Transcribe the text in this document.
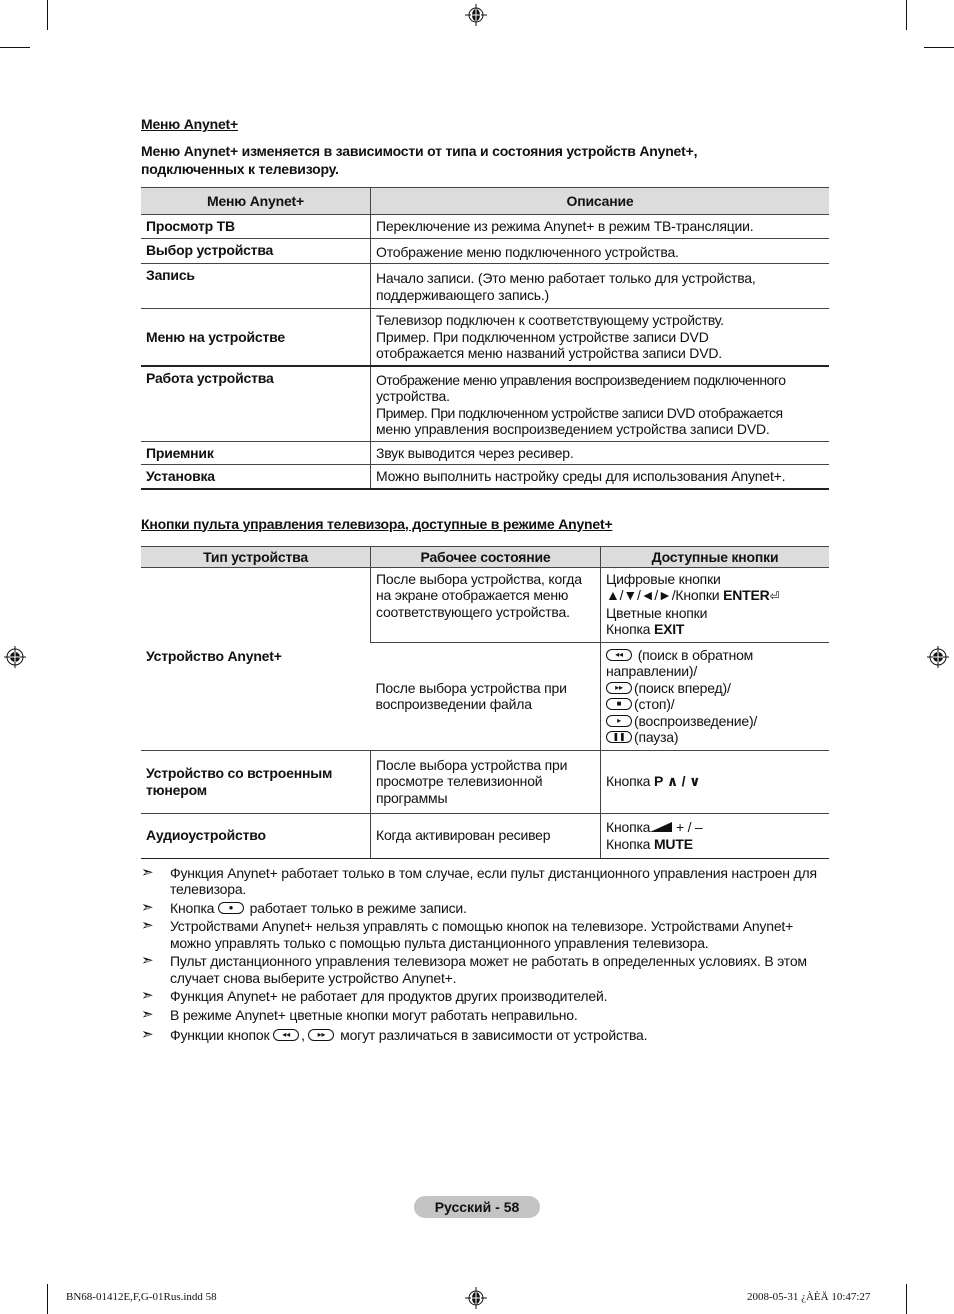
Меню Anynet+
Меню Anynet+ изменяется в зависимости от типа и состояния устройств Anynet+,
подключенных к телевизору.
Меню Anynet+	Описание
Просмотр ТВ	Переключение из режима Anynet+ в режим ТВ-трансляции.
Выбор устройства	Отображение меню подключенного устройства.
Запись	Начало записи. (Это меню работает только для устройства,
поддерживающего запись.)

Меню на устройстве	Телевизор подключен к соответствующему устройству.
Пример. При подключенном устройстве записи DVD
отображается меню названий устройства записи DVD.

Работа устройства	Отображение меню управления воспроизведением подключенного
устройства.
Пример. При подключенном устройстве записи DVD отображается
меню управления воспроизведением устройства записи DVD.

Приемник	Звук выводится через ресивер.
Установка	Можно выполнить настройку среды для использования Anynet+.
Кнопки пульта управления телевизора, доступные в режиме Anynet+
Тип устройства	Рабочее состояние	Доступные кнопки
Устройство Anynet+	После выбора устройства, когда на экране отображается меню соответствующего устройства.	Цифровые кнопки
▲/▼/◄/►/Кнопки ENTER⏎
Цветные кнопки
Кнопка EXIT

После выбора устройства при воспроизведении файла	
◂◂ (поиск в обратном направлении)/
▸▸ (поиск вперед)/
■ (стоп)/
▸ (воспроизведение)/
❚❚ (пауза)

Устройство со встроенным тюнером	После выбора устройства при просмотре телевизионной программы	Кнопка P ∧ / ∨
Аудиоустройство	Когда активирован ресивер	Кнопка + / –
Кнопка MUTE
➣ Функция Anynet+ работает только в том случае, если пульт дистанционного управления настроен для телевизора.
➣ Кнопка	● работает только в режиме записи.
➣ Устройствами Anynet+ нельзя управлять с помощью кнопок на телевизоре. Устройствами Anynet+ можно управлять только с помощью пульта дистанционного управления телевизора.
➣ Пульт дистанционного управления телевизора может не работать в определенных условиях. В этом случает снова выберите устройство Anynet+.
➣ Функция Anynet+ не работает для продуктов других производителей.
➣ В режиме Anynet+ цветные кнопки могут работать неправильно.
➣ Функции кнопок	◂◂ ,	▸▸ могут различаться в зависимости от устройства.
Русский - 58
BN68-01412E,F,G-01Rus.indd 58	2008-05-31 ¿ÀÈÄ 10:47:27
